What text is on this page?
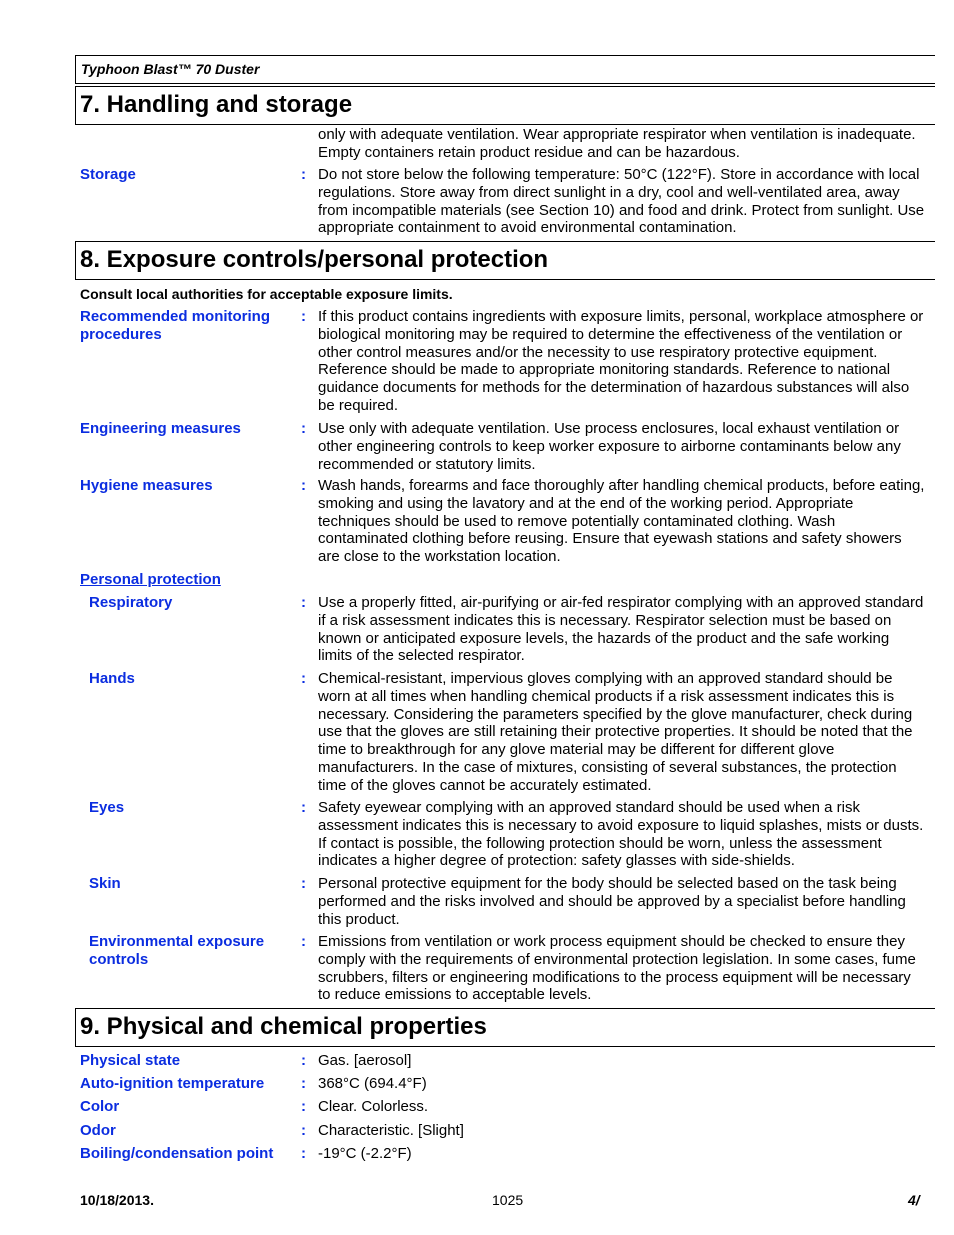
Typhoon Blast™ 70 Duster
7. Handling and storage
only with adequate ventilation. Wear appropriate respirator when ventilation is inadequate. Empty containers retain product residue and can be hazardous.
Storage	: Do not store below the following temperature: 50°C (122°F). Store in accordance with local regulations. Store away from direct sunlight in a dry, cool and well-ventilated area, away from incompatible materials (see Section 10) and food and drink. Protect from sunlight. Use appropriate containment to avoid environmental contamination.
8. Exposure controls/personal protection
Consult local authorities for acceptable exposure limits.
Recommended monitoring procedures
: If this product contains ingredients with exposure limits, personal, workplace atmosphere or biological monitoring may be required to determine the effectiveness of the ventilation or other control measures and/or the necessity to use respiratory protective equipment. Reference should be made to appropriate monitoring standards. Reference to national guidance documents for methods for the determination of hazardous substances will also be required.
Engineering measures	: Use only with adequate ventilation. Use process enclosures, local exhaust ventilation or other engineering controls to keep worker exposure to airborne contaminants below any recommended or statutory limits.
Hygiene measures	: Wash hands, forearms and face thoroughly after handling chemical products, before eating, smoking and using the lavatory and at the end of the working period. Appropriate techniques should be used to remove potentially contaminated clothing. Wash contaminated clothing before reusing. Ensure that eyewash stations and safety showers are close to the workstation location.
Personal protection
Respiratory	: Use a properly fitted, air-purifying or air-fed respirator complying with an approved standard if a risk assessment indicates this is necessary. Respirator selection must be based on known or anticipated exposure levels, the hazards of the product and the safe working limits of the selected respirator.
Hands	: Chemical-resistant, impervious gloves complying with an approved standard should be worn at all times when handling chemical products if a risk assessment indicates this is necessary. Considering the parameters specified by the glove manufacturer, check during use that the gloves are still retaining their protective properties. It should be noted that the time to breakthrough for any glove material may be different for different glove manufacturers. In the case of mixtures, consisting of several substances, the protection time of the gloves cannot be accurately estimated.
Eyes	: Safety eyewear complying with an approved standard should be used when a risk assessment indicates this is necessary to avoid exposure to liquid splashes, mists or dusts. If contact is possible, the following protection should be worn, unless the assessment indicates a higher degree of protection: safety glasses with side-shields.
Skin	: Personal protective equipment for the body should be selected based on the task being performed and the risks involved and should be approved by a specialist before handling this product.
Environmental exposure controls
: Emissions from ventilation or work process equipment should be checked to ensure they comply with the requirements of environmental protection legislation. In some cases, fume scrubbers, filters or engineering modifications to the process equipment will be necessary to reduce emissions to acceptable levels.
9. Physical and chemical properties
Physical state	: Gas. [aerosol]
Auto-ignition temperature	: 368°C (694.4°F)
Color	: Clear. Colorless.
Odor	: Characteristic. [Slight]
Boiling/condensation point	: -19°C (-2.2°F)
10/18/2013.	1025	4/
